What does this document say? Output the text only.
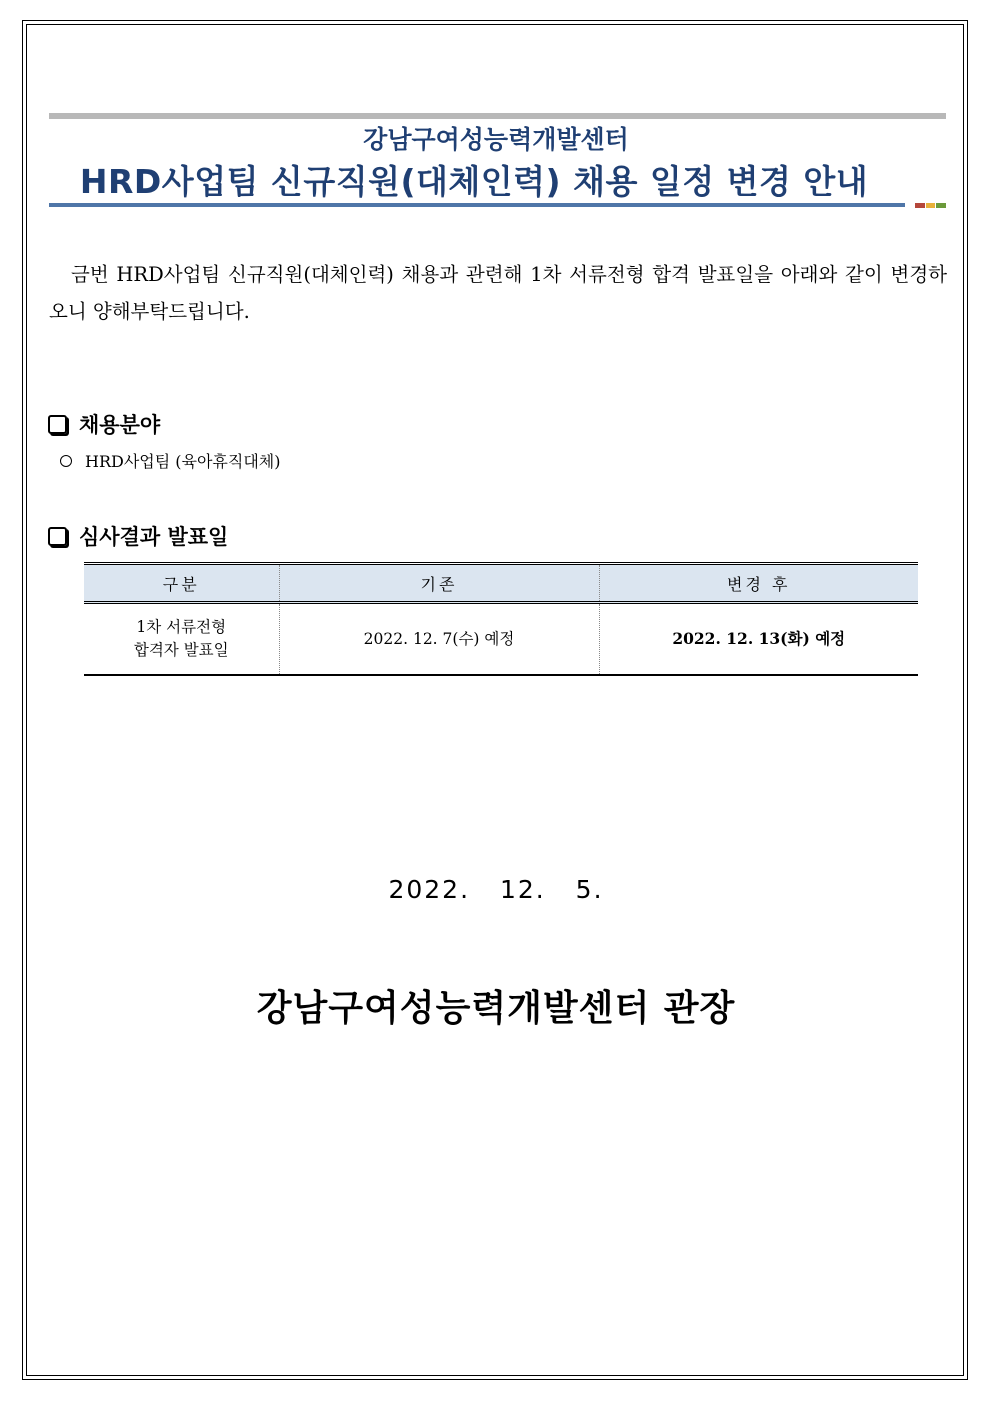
강남구여성능력개발센터
HRD사업팀 신규직원(대체인력) 채용 일정 변경 안내
금번 HRD사업팀 신규직원(대체인력) 채용과 관련해 1차 서류전형 합격 발표일을 아래와 같이 변경하오니 양해부탁드립니다.
채용분야
HRD사업팀 (육아휴직대체)
심사결과 발표일
구분	기존	변경 후
1차 서류전형
합격자 발표일	2022. 12. 7(수) 예정	2022. 12. 13(화) 예정
2022. 12. 5.
강남구여성능력개발센터 관장
